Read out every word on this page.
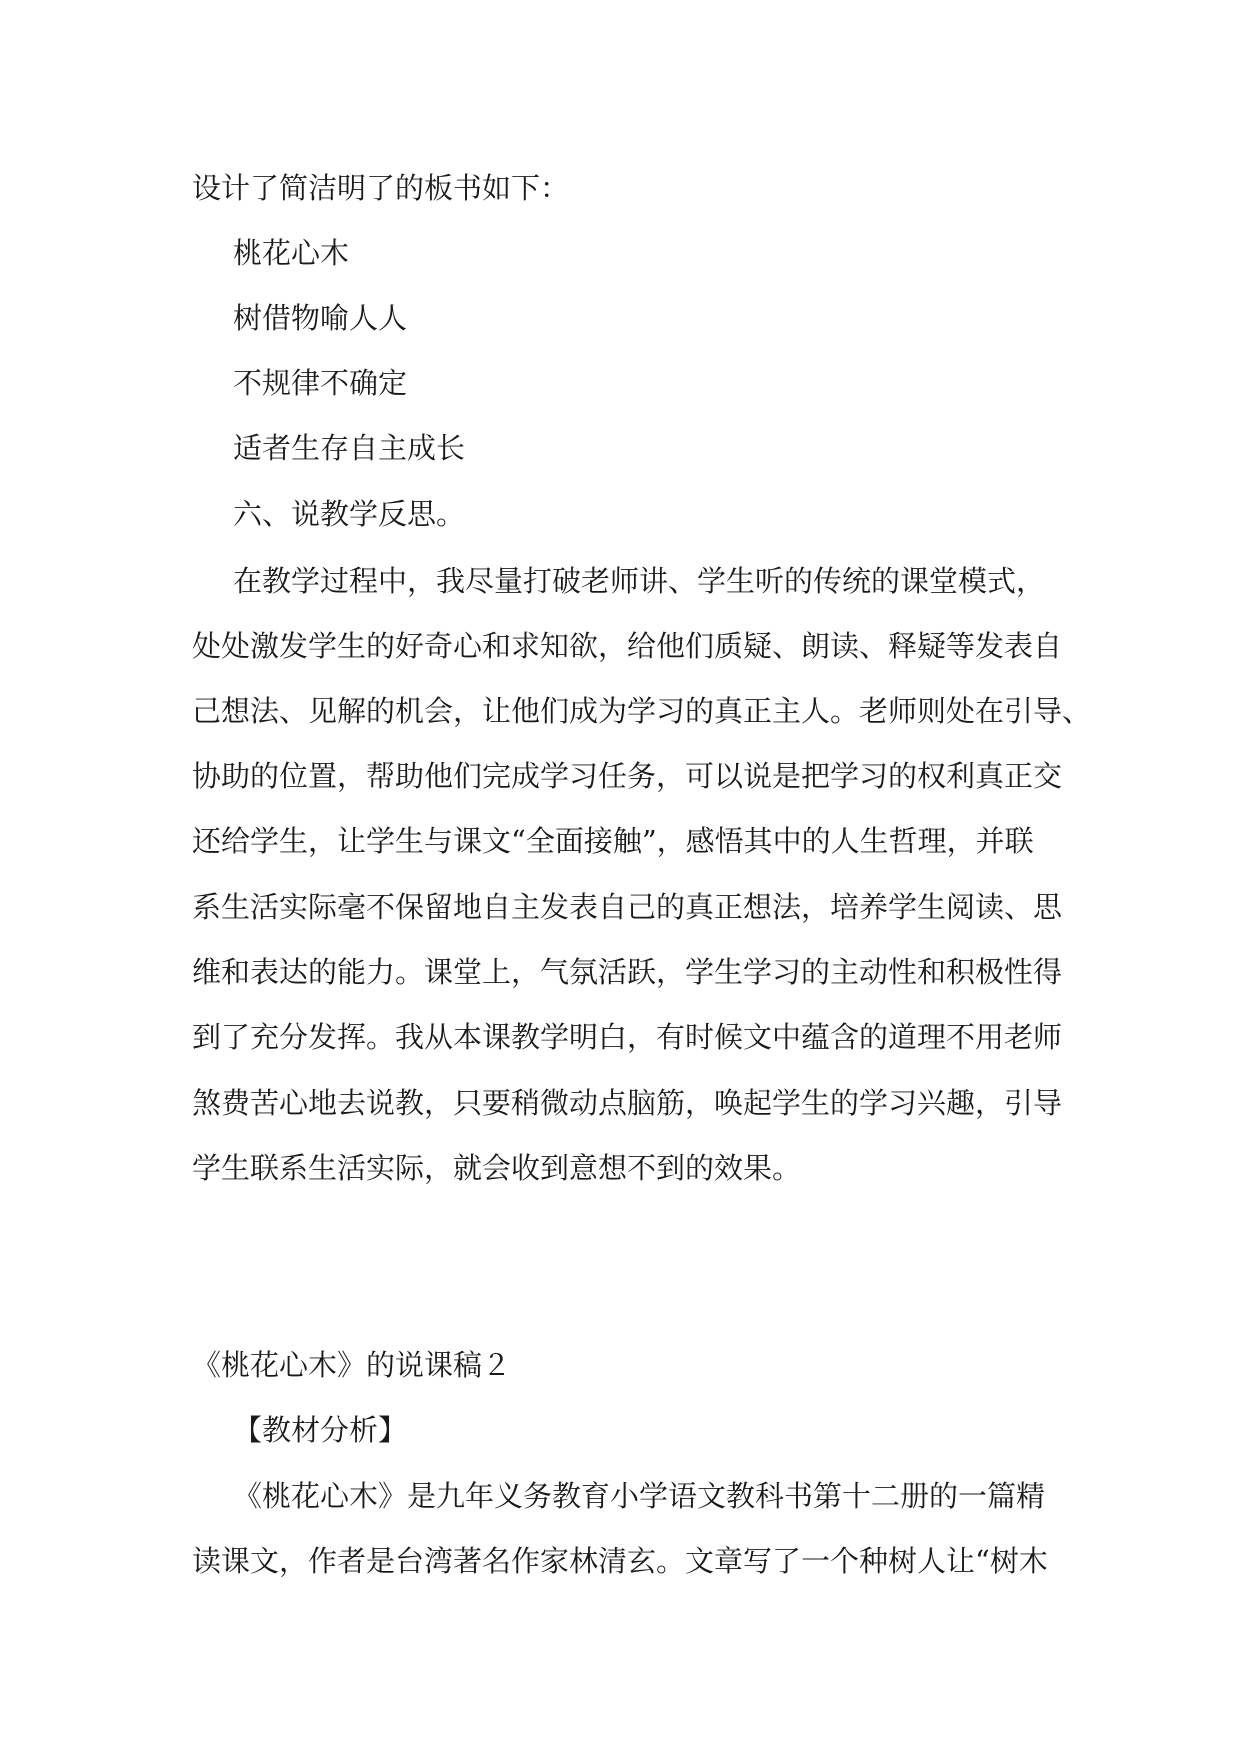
设计了简洁明了的板书如下：

桃花心木

树借物喻人人

不规律不确定

适者生存自主成长

六、说教学反思。

在教学过程中，我尽量打破老师讲、学生听的传统的课堂模式，

处处激发学生的好奇心和求知欲，给他们质疑、朗读、释疑等发表自

己想法、见解的机会，让他们成为学习的真正主人。老师则处在引导、

协助的位置，帮助他们完成学习任务，可以说是把学习的权利真正交

还给学生，让学生与课文“全面接触”，感悟其中的人生哲理，并联

系生活实际毫不保留地自主发表自己的真正想法，培养学生阅读、思

维和表达的能力。课堂上，气氛活跃，学生学习的主动性和积极性得

到了充分发挥。我从本课教学明白，有时候文中蕴含的道理不用老师

煞费苦心地去说教，只要稍微动点脑筋，唤起学生的学习兴趣，引导

学生联系生活实际，就会收到意想不到的效果。

《桃花心木》的说课稿２

【教材分析】

《桃花心木》是九年义务教育小学语文教科书第十二册的一篇精

读课文，作者是台湾著名作家林清玄。文章写了一个种树人让“树木
